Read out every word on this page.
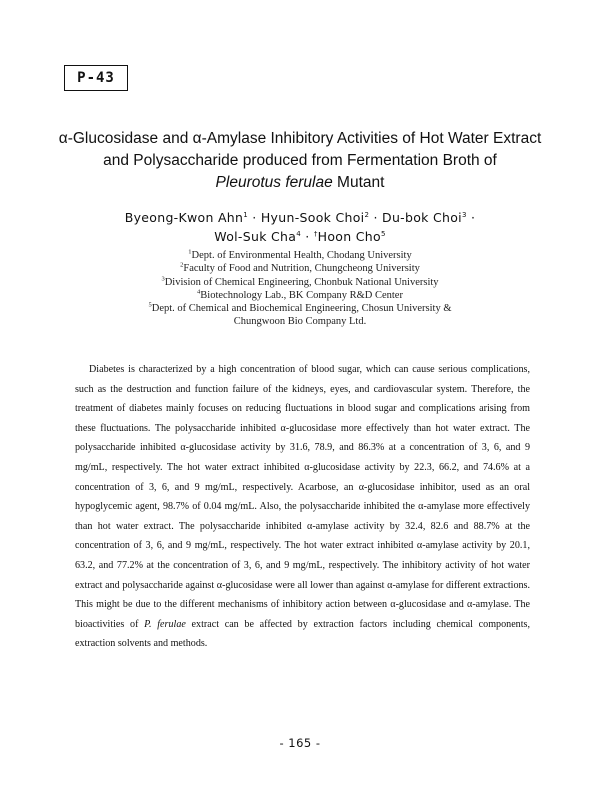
P-43
α-Glucosidase and α-Amylase Inhibitory Activities of Hot Water Extract
and Polysaccharide produced from Fermentation Broth of
Pleurotus ferulae Mutant
Byeong-Kwon Ahn$^1$ · Hyun-Sook Choi$^2$ · Du-bok Choi$^3$ ·
Wol-Suk Cha$^4$ · †Hoon Cho$^5$
$^1$Dept. of Environmental Health, Chodang University
$^2$Faculty of Food and Nutrition, Chungcheong University
$^3$Division of Chemical Engineering, Chonbuk National University
$^4$Biotechnology Lab., BK Company R&D Center
$^5$Dept. of Chemical and Biochemical Engineering, Chosun University &
Chungwoon Bio Company Ltd.
Diabetes is characterized by a high concentration of blood sugar, which can cause serious complications, such as the destruction and function failure of the kidneys, eyes, and cardiovascular system. Therefore, the treatment of diabetes mainly focuses on reducing fluctuations in blood sugar and complications arising from these fluctuations. The polysaccharide inhibited α-glucosidase more effectively than hot water extract. The polysaccharide inhibited α-glucosidase activity by 31.6, 78.9, and 86.3% at a concentration of 3, 6, and 9 mg/mL, respectively. The hot water extract inhibited α-glucosidase activity by 22.3, 66.2, and 74.6% at a concentration of 3, 6, and 9 mg/mL, respectively. Acarbose, an α-glucosidase inhibitor, used as an oral hypoglycemic agent, 98.7% of 0.04 mg/mL. Also, the polysaccharide inhibited the α-amylase more effectively than hot water extract. The polysaccharide inhibited α-amylase activity by 32.4, 82.6 and 88.7% at the concentration of 3, 6, and 9 mg/mL, respectively. The hot water extract inhibited α-amylase activity by 20.1, 63.2, and 77.2% at the concentration of 3, 6, and 9 mg/mL, respectively. The inhibitory activity of hot water extract and polysaccharide against α-glucosidase were all lower than against α-amylase for different extractions. This might be due to the different mechanisms of inhibitory action between α-glucosidase and α-amylase. The bioactivities of P. ferulae extract can be affected by extraction factors including chemical components, extraction solvents and methods.
- 165 -
